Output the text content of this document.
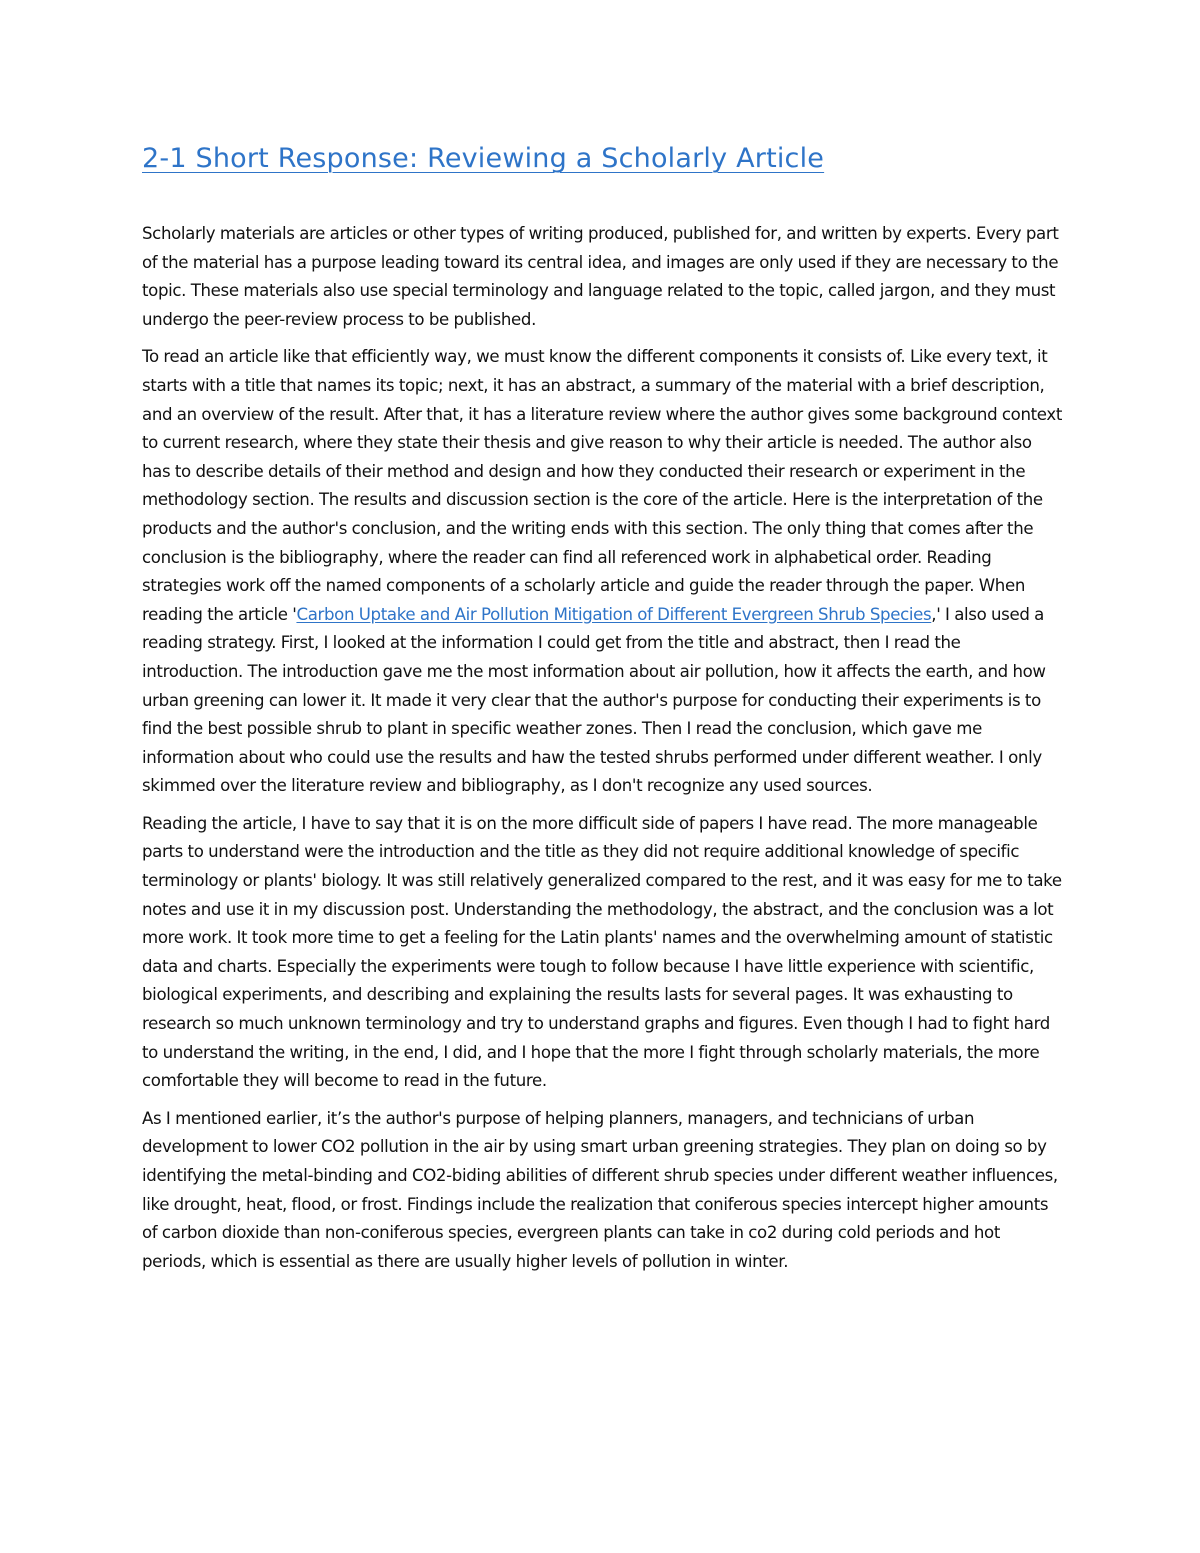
2-1 Short Response: Reviewing a Scholarly Article

Scholarly materials are articles or other types of writing produced, published for, and written by experts. Every part of the material has a purpose leading toward its central idea, and images are only used if they are necessary to the topic. These materials also use special terminology and language related to the topic, called jargon, and they must undergo the peer-review process to be published.

To read an article like that efficiently way, we must know the different components it consists of. Like every text, it starts with a title that names its topic; next, it has an abstract, a summary of the material with a brief description, and an overview of the result. After that, it has a literature review where the author gives some background context to current research, where they state their thesis and give reason to why their article is needed. The author also has to describe details of their method and design and how they conducted their research or experiment in the methodology section. The results and discussion section is the core of the article. Here is the interpretation of the products and the author's conclusion, and the writing ends with this section. The only thing that comes after the conclusion is the bibliography, where the reader can find all referenced work in alphabetical order. Reading strategies work off the named components of a scholarly article and guide the reader through the paper. When reading the article 'Carbon Uptake and Air Pollution Mitigation of Different Evergreen Shrub Species,' I also used a reading strategy. First, I looked at the information I could get from the title and abstract, then I read the introduction. The introduction gave me the most information about air pollution, how it affects the earth, and how urban greening can lower it. It made it very clear that the author's purpose for conducting their experiments is to find the best possible shrub to plant in specific weather zones. Then I read the conclusion, which gave me information about who could use the results and haw the tested shrubs performed under different weather. I only skimmed over the literature review and bibliography, as I don't recognize any used sources.

Reading the article, I have to say that it is on the more difficult side of papers I have read. The more manageable parts to understand were the introduction and the title as they did not require additional knowledge of specific terminology or plants' biology. It was still relatively generalized compared to the rest, and it was easy for me to take notes and use it in my discussion post. Understanding the methodology, the abstract, and the conclusion was a lot more work. It took more time to get a feeling for the Latin plants' names and the overwhelming amount of statistic data and charts. Especially the experiments were tough to follow because I have little experience with scientific, biological experiments, and describing and explaining the results lasts for several pages. It was exhausting to research so much unknown terminology and try to understand graphs and figures. Even though I had to fight hard to understand the writing, in the end, I did, and I hope that the more I fight through scholarly materials, the more comfortable they will become to read in the future.

As I mentioned earlier, it’s the author's purpose of helping planners, managers, and technicians of urban development to lower CO2 pollution in the air by using smart urban greening strategies. They plan on doing so by identifying the metal-binding and CO2-biding abilities of different shrub species under different weather influences, like drought, heat, flood, or frost. Findings include the realization that coniferous species intercept higher amounts of carbon dioxide than non-coniferous species, evergreen plants can take in co2 during cold periods and hot periods, which is essential as there are usually higher levels of pollution in winter.
